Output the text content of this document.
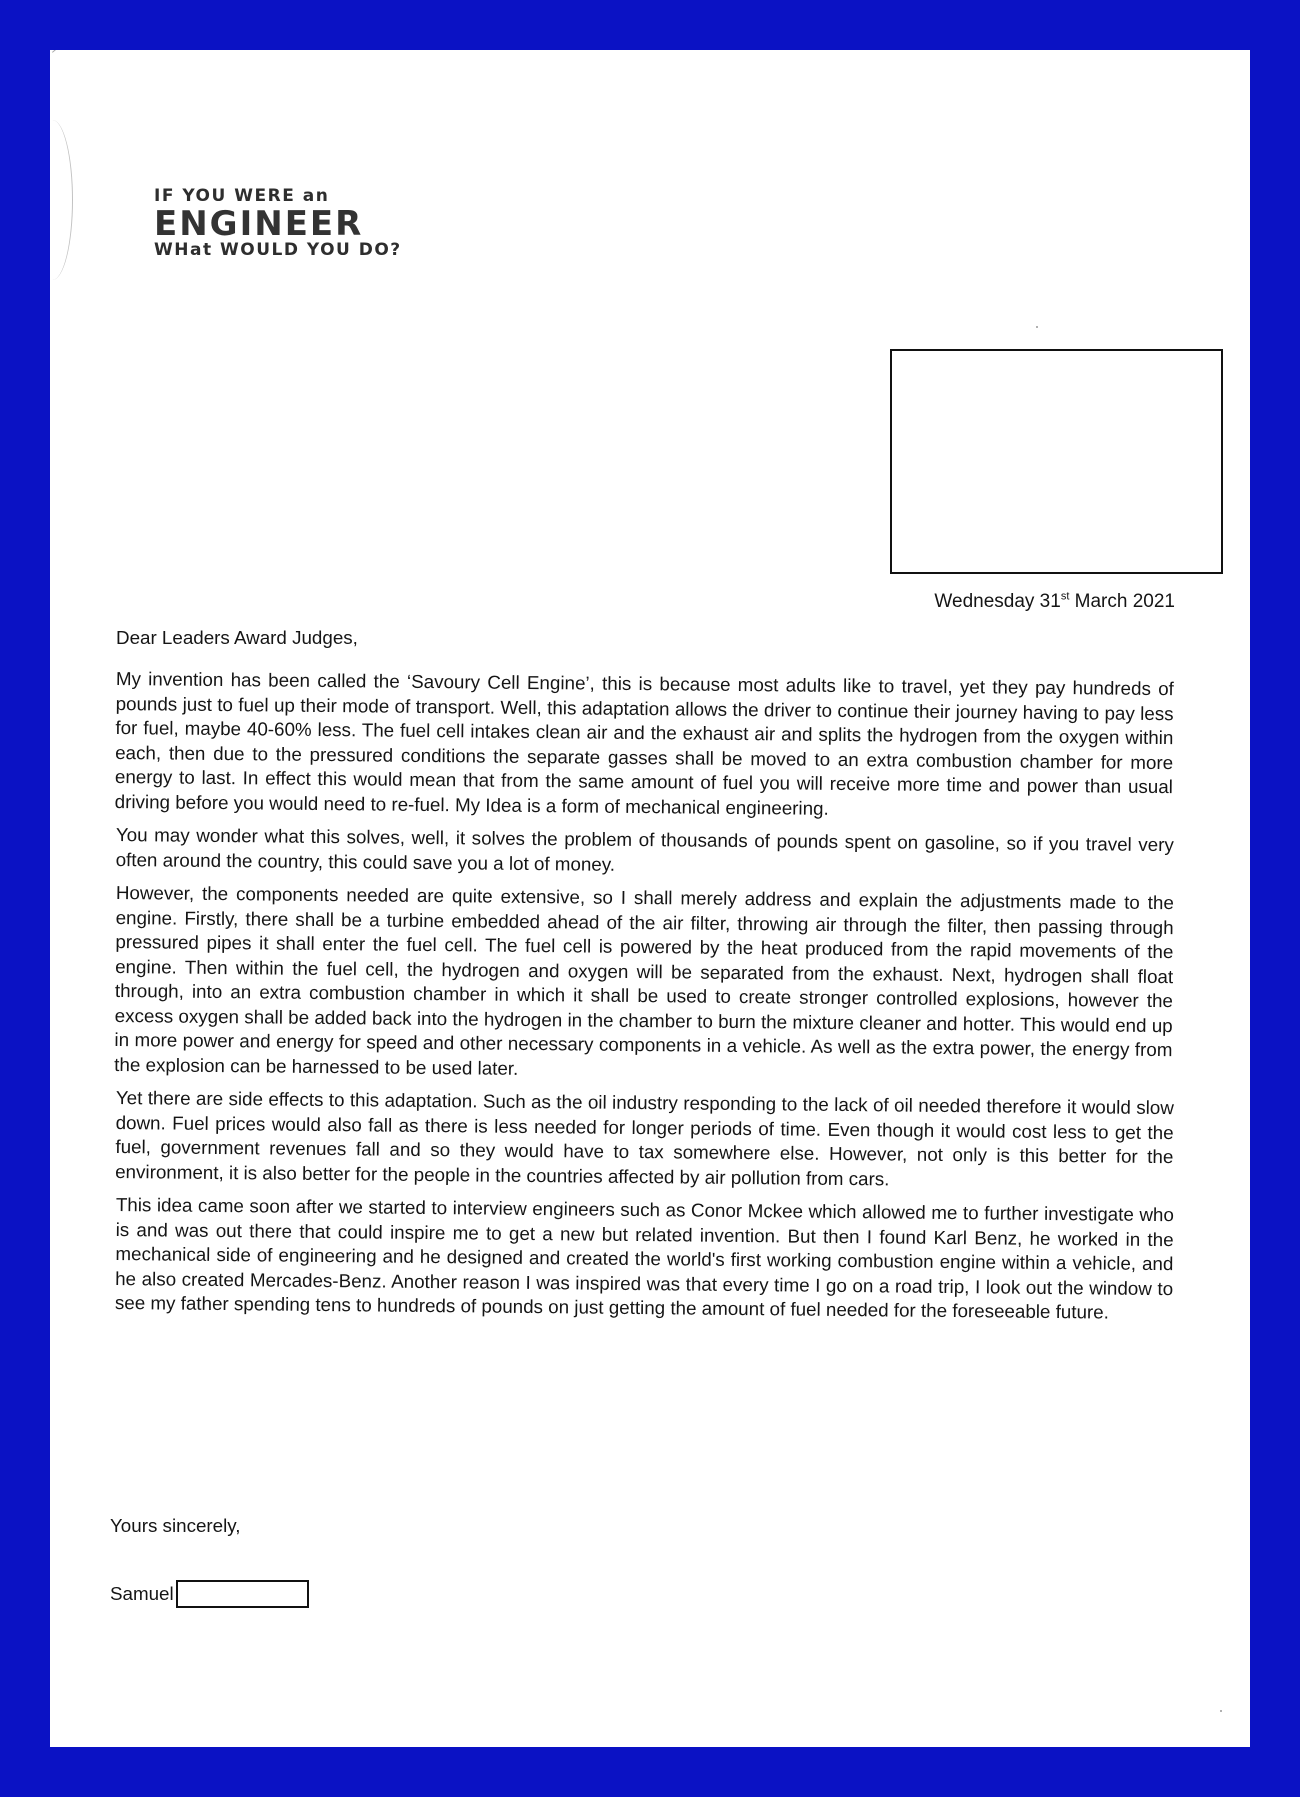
IF YOU WERE an
ENGINEER
WHat WOULD YOU DO?
Wednesday 31st March 2021

Dear Leaders Award Judges,

My invention has been called the ‘Savoury Cell Engine’, this is because most adults like to travel, yet they pay hundreds of pounds just to fuel up their mode of transport. Well, this adaptation allows the driver to continue their journey having to pay less for fuel, maybe 40-60% less. The fuel cell intakes clean air and the exhaust air and splits the hydrogen from the oxygen within each, then due to the pressured conditions the separate gasses shall be moved to an extra combustion chamber for more energy to last. In effect this would mean that from the same amount of fuel you will receive more time and power than usual driving before you would need to re-fuel. My Idea is a form of mechanical engineering.

You may wonder what this solves, well, it solves the problem of thousands of pounds spent on gasoline, so if you travel very often around the country, this could save you a lot of money.

However, the components needed are quite extensive, so I shall merely address and explain the adjustments made to the engine. Firstly, there shall be a turbine embedded ahead of the air filter, throwing air through the filter, then passing through pressured pipes it shall enter the fuel cell. The fuel cell is powered by the heat produced from the rapid movements of the engine. Then within the fuel cell, the hydrogen and oxygen will be separated from the exhaust. Next, hydrogen shall float through, into an extra combustion chamber in which it shall be used to create stronger controlled explosions, however the excess oxygen shall be added back into the hydrogen in the chamber to burn the mixture cleaner and hotter. This would end up in more power and energy for speed and other necessary components in a vehicle. As well as the extra power, the energy from the explosion can be harnessed to be used later.

Yet there are side effects to this adaptation. Such as the oil industry responding to the lack of oil needed therefore it would slow down. Fuel prices would also fall as there is less needed for longer periods of time. Even though it would cost less to get the fuel, government revenues fall and so they would have to tax somewhere else. However, not only is this better for the environment, it is also better for the people in the countries affected by air pollution from cars.

This idea came soon after we started to interview engineers such as Conor Mckee which allowed me to further investigate who is and was out there that could inspire me to get a new but related invention. But then I found Karl Benz, he worked in the mechanical side of engineering and he designed and created the world's first working combustion engine within a vehicle, and he also created Mercades-Benz. Another reason I was inspired was that every time I go on a road trip, I look out the window to see my father spending tens to hundreds of pounds on just getting the amount of fuel needed for the foreseeable future.

Yours sincerely,
Samuel
